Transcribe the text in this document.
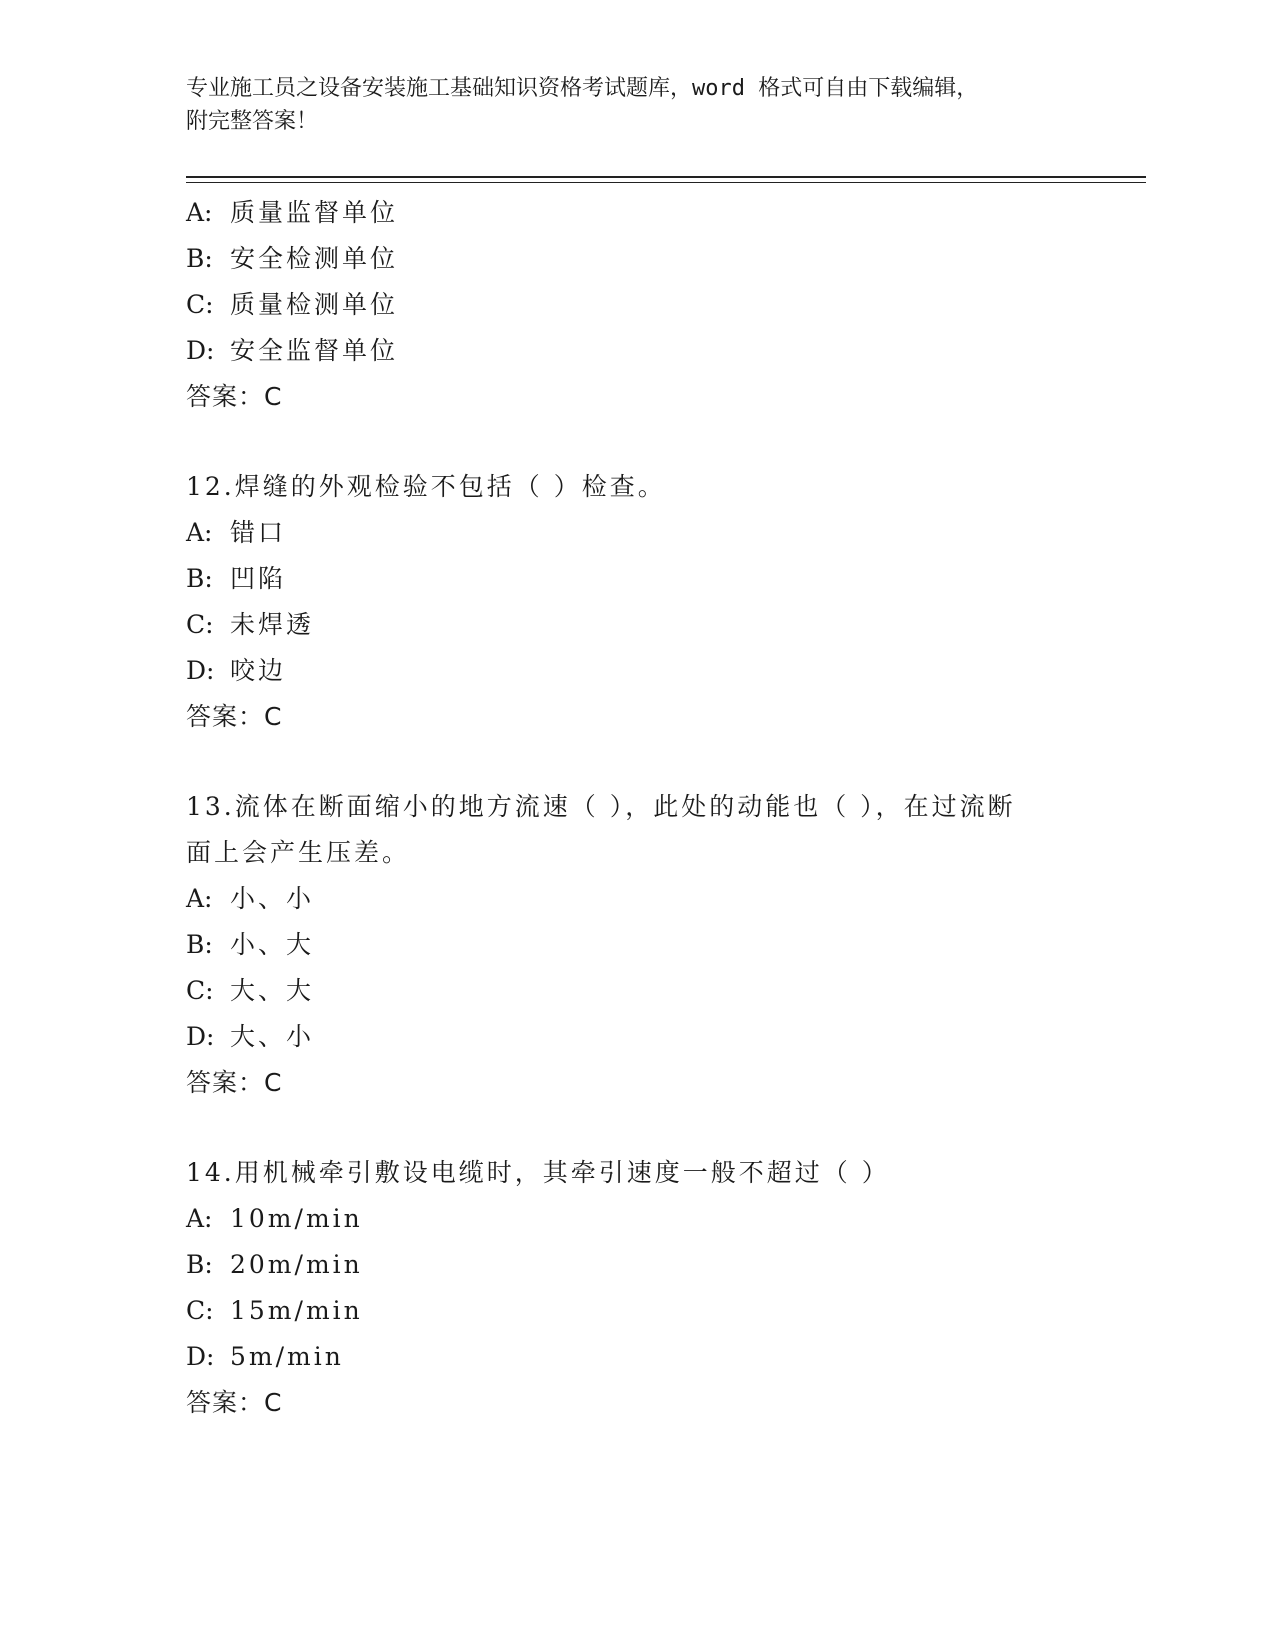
专业施工员之设备安装施工基础知识资格考试题库，word 格式可自由下载编辑，
附完整答案！
A: 质量监督单位
B: 安全检测单位
C: 质量检测单位
D: 安全监督单位
答案：C
12.焊缝的外观检验不包括（ ）检查。
A: 错口
B: 凹陷
C: 未焊透
D: 咬边
答案：C
13.流体在断面缩小的地方流速（ ），此处的动能也（ ），在过流断
面上会产生压差。
A: 小、小
B: 小、大
C: 大、大
D: 大、小
答案：C
14.用机械牵引敷设电缆时，其牵引速度一般不超过（ ）
A: 10m/min
B: 20m/min
C: 15m/min
D: 5m/min
答案：C
